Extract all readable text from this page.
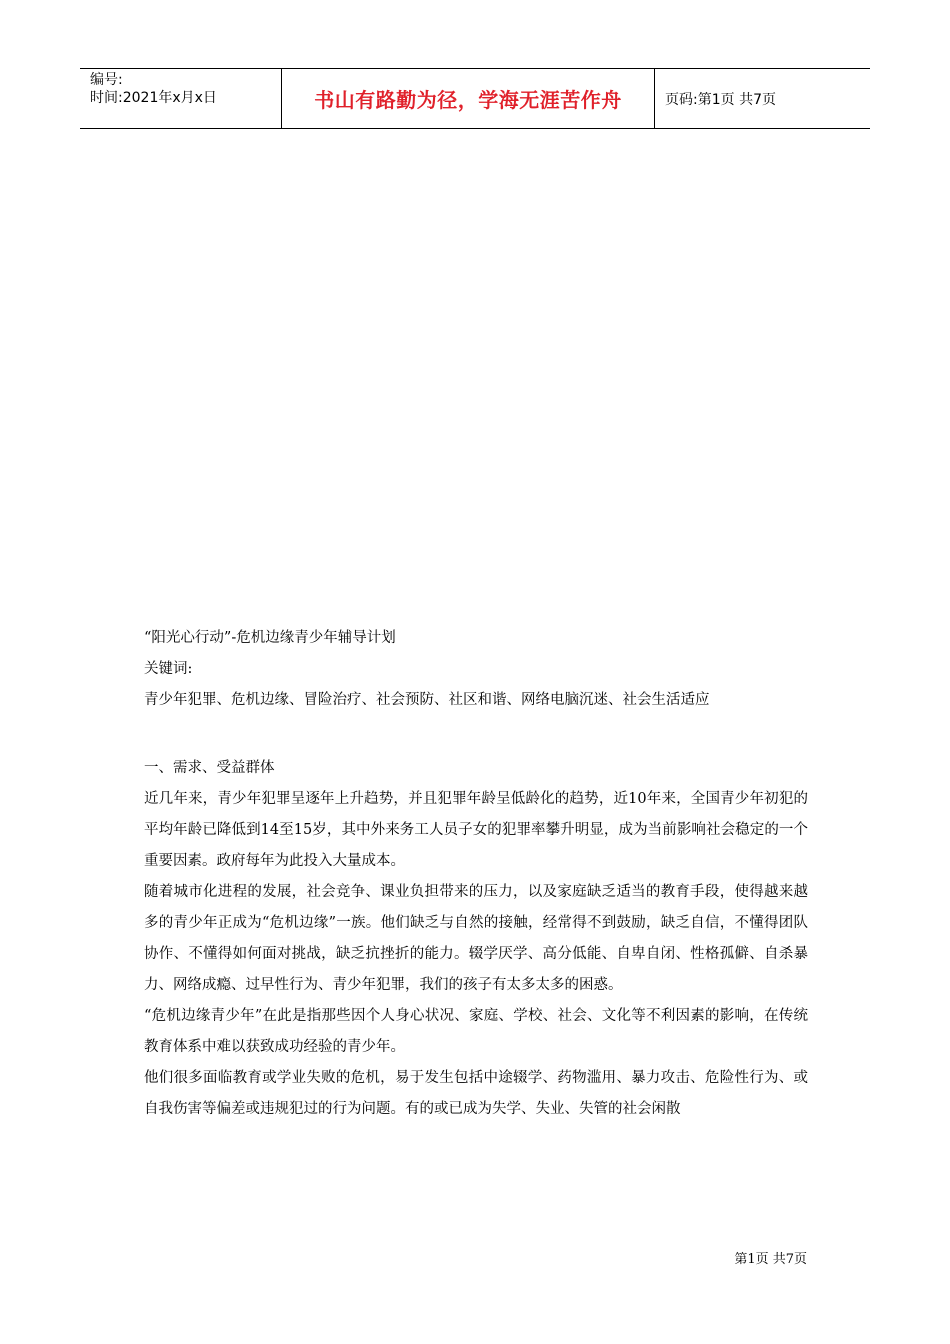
编号:
时间:2021年x月x日	书山有路勤为径，学海无涯苦作舟	页码:第1页 共7页
“阳光心行动”-危机边缘青少年辅导计划
关键词:
青少年犯罪、危机边缘、冒险治疗、社会预防、社区和谐、网络电脑沉迷、社会生活适应
一、需求、受益群体

近几年来，青少年犯罪呈逐年上升趋势，并且犯罪年龄呈低龄化的趋势，近10年来，全国青少年初犯的平均年龄已降低到14至15岁，其中外来务工人员子女的犯罪率攀升明显，成为当前影响社会稳定的一个重要因素。政府每年为此投入大量成本。

随着城市化进程的发展，社会竞争、课业负担带来的压力，以及家庭缺乏适当的教育手段，使得越来越多的青少年正成为“危机边缘”一族。他们缺乏与自然的接触，经常得不到鼓励，缺乏自信，不懂得团队协作、不懂得如何面对挑战，缺乏抗挫折的能力。辍学厌学、高分低能、自卑自闭、性格孤僻、自杀暴力、网络成瘾、过早性行为、青少年犯罪，我们的孩子有太多太多的困惑。

“危机边缘青少年”在此是指那些因个人身心状况、家庭、学校、社会、文化等不利因素的影响，在传统教育体系中难以获致成功经验的青少年。

他们很多面临教育或学业失败的危机，易于发生包括中途辍学、药物滥用、暴力攻击、危险性行为、或自我伤害等偏差或违规犯过的行为问题。有的或已成为失学、失业、失管的社会闲散

第1页 共7页
